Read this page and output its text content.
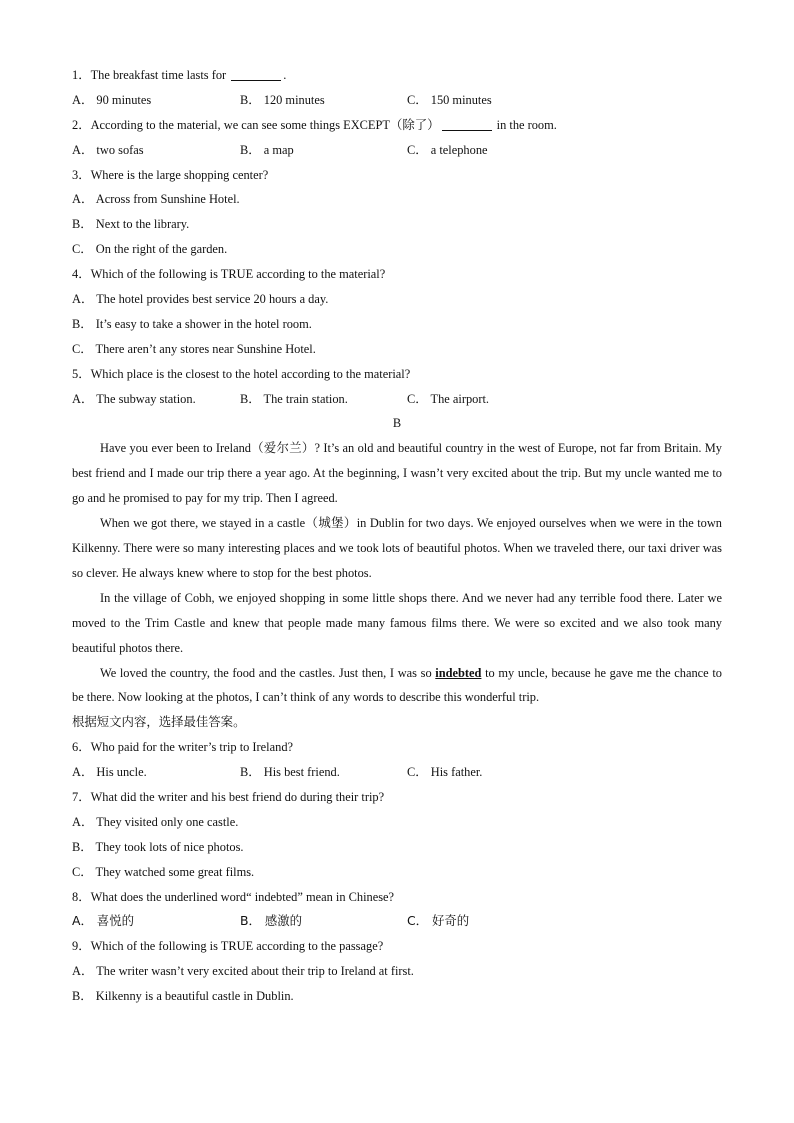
1．The breakfast time lasts for	.
A． 90 minutes	B． 120 minutes	C． 150 minutes
2．According to the material, we can see some things EXCEPT（除了）	in the room.
A． two sofas	B． a map	C． a telephone
3．Where is the large shopping center?
A． Across from Sunshine Hotel.
B． Next to the library.
C． On the right of the garden.
4．Which of the following is TRUE according to the material?
A． The hotel provides best service 20 hours a day.
B． It’s easy to take a shower in the hotel room.
C． There aren’t any stores near Sunshine Hotel.
5．Which place is the closest to the hotel according to the material?
A． The subway station.	B． The train station.	C． The airport.
B
Have you ever been to Ireland（爱尔兰）? It’s an old and beautiful country in the west of Europe, not far from Britain. My best friend and I made our trip there a year ago. At the beginning, I wasn’t very excited about the trip. But my uncle wanted me to go and he promised to pay for my trip. Then I agreed.
When we got there, we stayed in a castle（城堡）in Dublin for two days. We enjoyed ourselves when we were in the town Kilkenny. There were so many interesting places and we took lots of beautiful photos. When we traveled there, our taxi driver was so clever. He always knew where to stop for the best photos.
In the village of Cobh, we enjoyed shopping in some little shops there. And we never had any terrible food there. Later we moved to the Trim Castle and knew that people made many famous films there. We were so excited and we also took many beautiful photos there.
We loved the country, the food and the castles. Just then, I was so indebted to my uncle, because he gave me the chance to be there. Now looking at the photos, I can’t think of any words to describe this wonderful trip.
根据短文内容，选择最佳答案。
6．Who paid for the writer’s trip to Ireland?
A． His uncle.	B． His best friend.	C． His father.
7．What did the writer and his best friend do during their trip?
A． They visited only one castle.
B． They took lots of nice photos.
C． They watched some great films.
8．What does the underlined word“ indebted” mean in Chinese?
A． 喜悦的	B． 感激的	C． 好奇的
9．Which of the following is TRUE according to the passage?
A． The writer wasn’t very excited about their trip to Ireland at first.
B． Kilkenny is a beautiful castle in Dublin.
